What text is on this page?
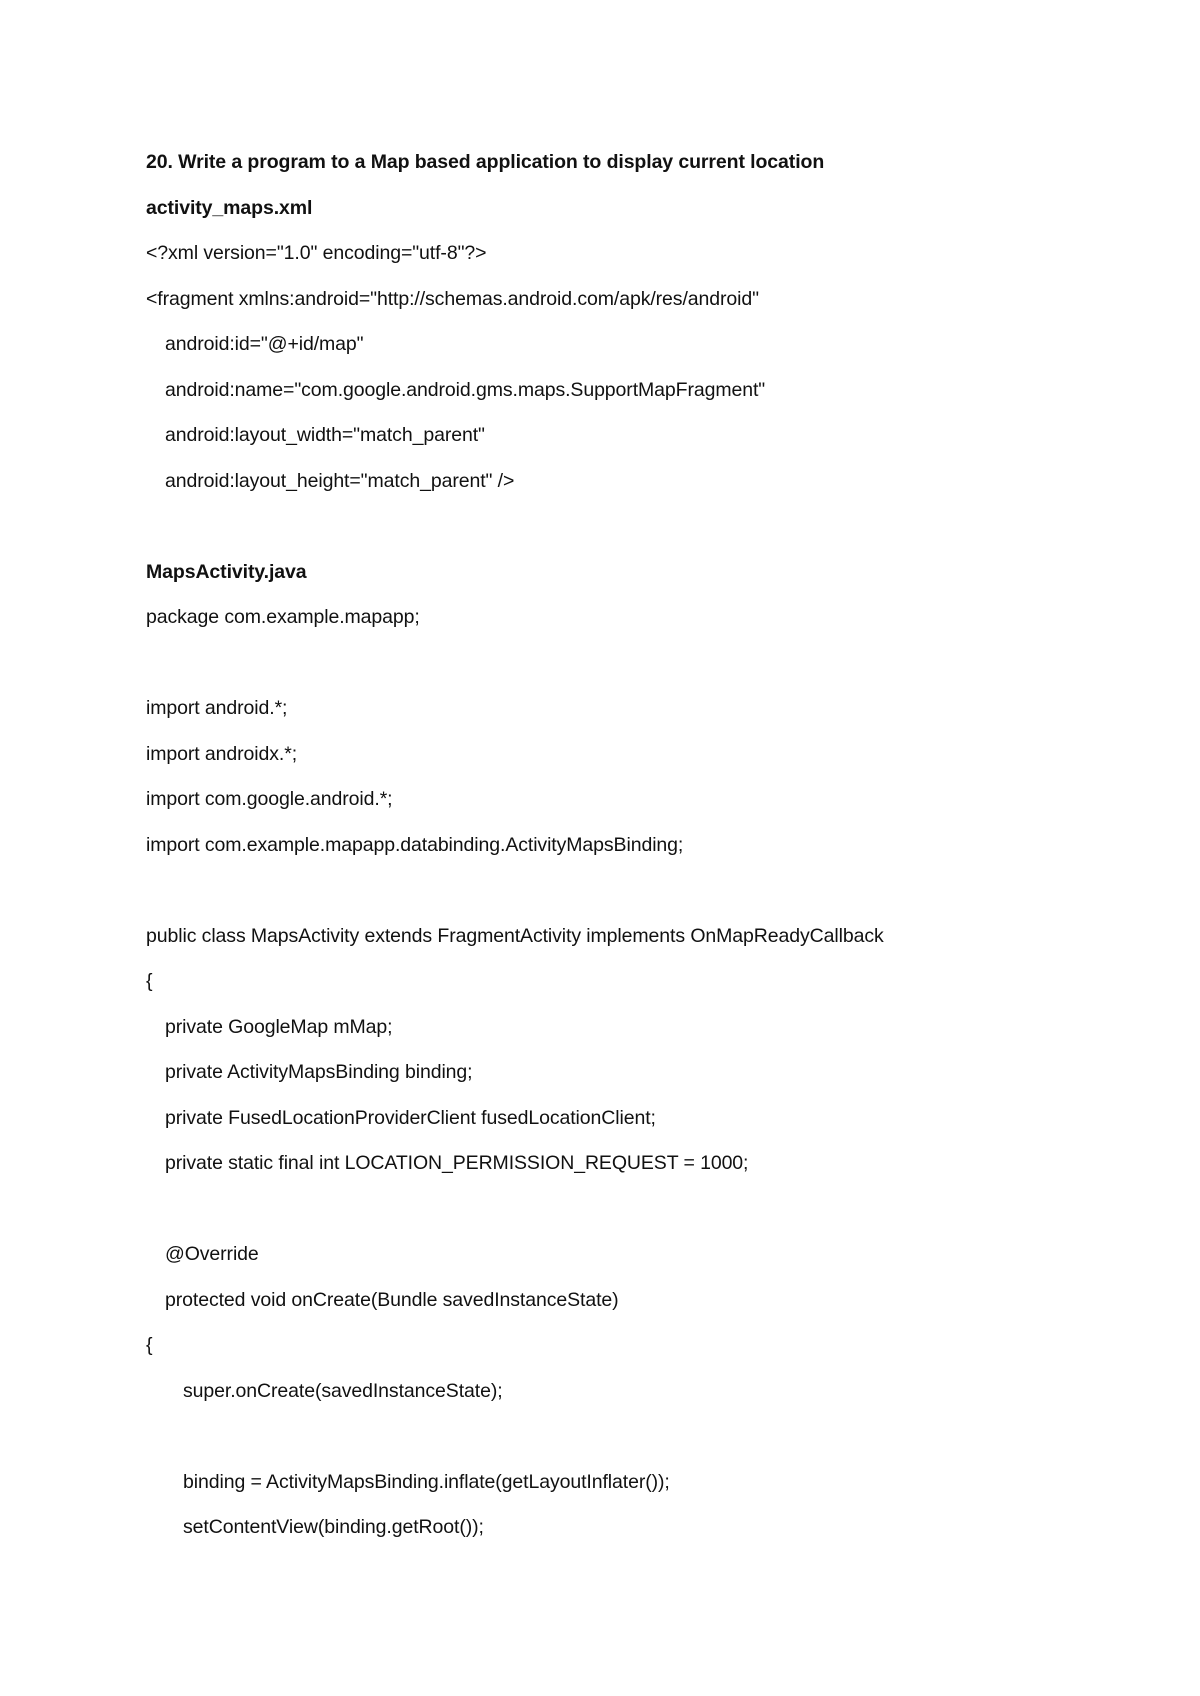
20. Write a program to a Map based application to display current location
activity_maps.xml
<?xml version="1.0" encoding="utf-8"?>
<fragment xmlns:android="http://schemas.android.com/apk/res/android"
android:id="@+id/map"
android:name="com.google.android.gms.maps.SupportMapFragment"
android:layout_width="match_parent"
android:layout_height="match_parent" />
MapsActivity.java
package com.example.mapapp;
import android.*;
import androidx.*;
import com.google.android.*;
import com.example.mapapp.databinding.ActivityMapsBinding;
public class MapsActivity extends FragmentActivity implements OnMapReadyCallback
{
private GoogleMap mMap;
private ActivityMapsBinding binding;
private FusedLocationProviderClient fusedLocationClient;
private static final int LOCATION_PERMISSION_REQUEST = 1000;
@Override
protected void onCreate(Bundle savedInstanceState)
{
super.onCreate(savedInstanceState);
binding = ActivityMapsBinding.inflate(getLayoutInflater());
setContentView(binding.getRoot());
